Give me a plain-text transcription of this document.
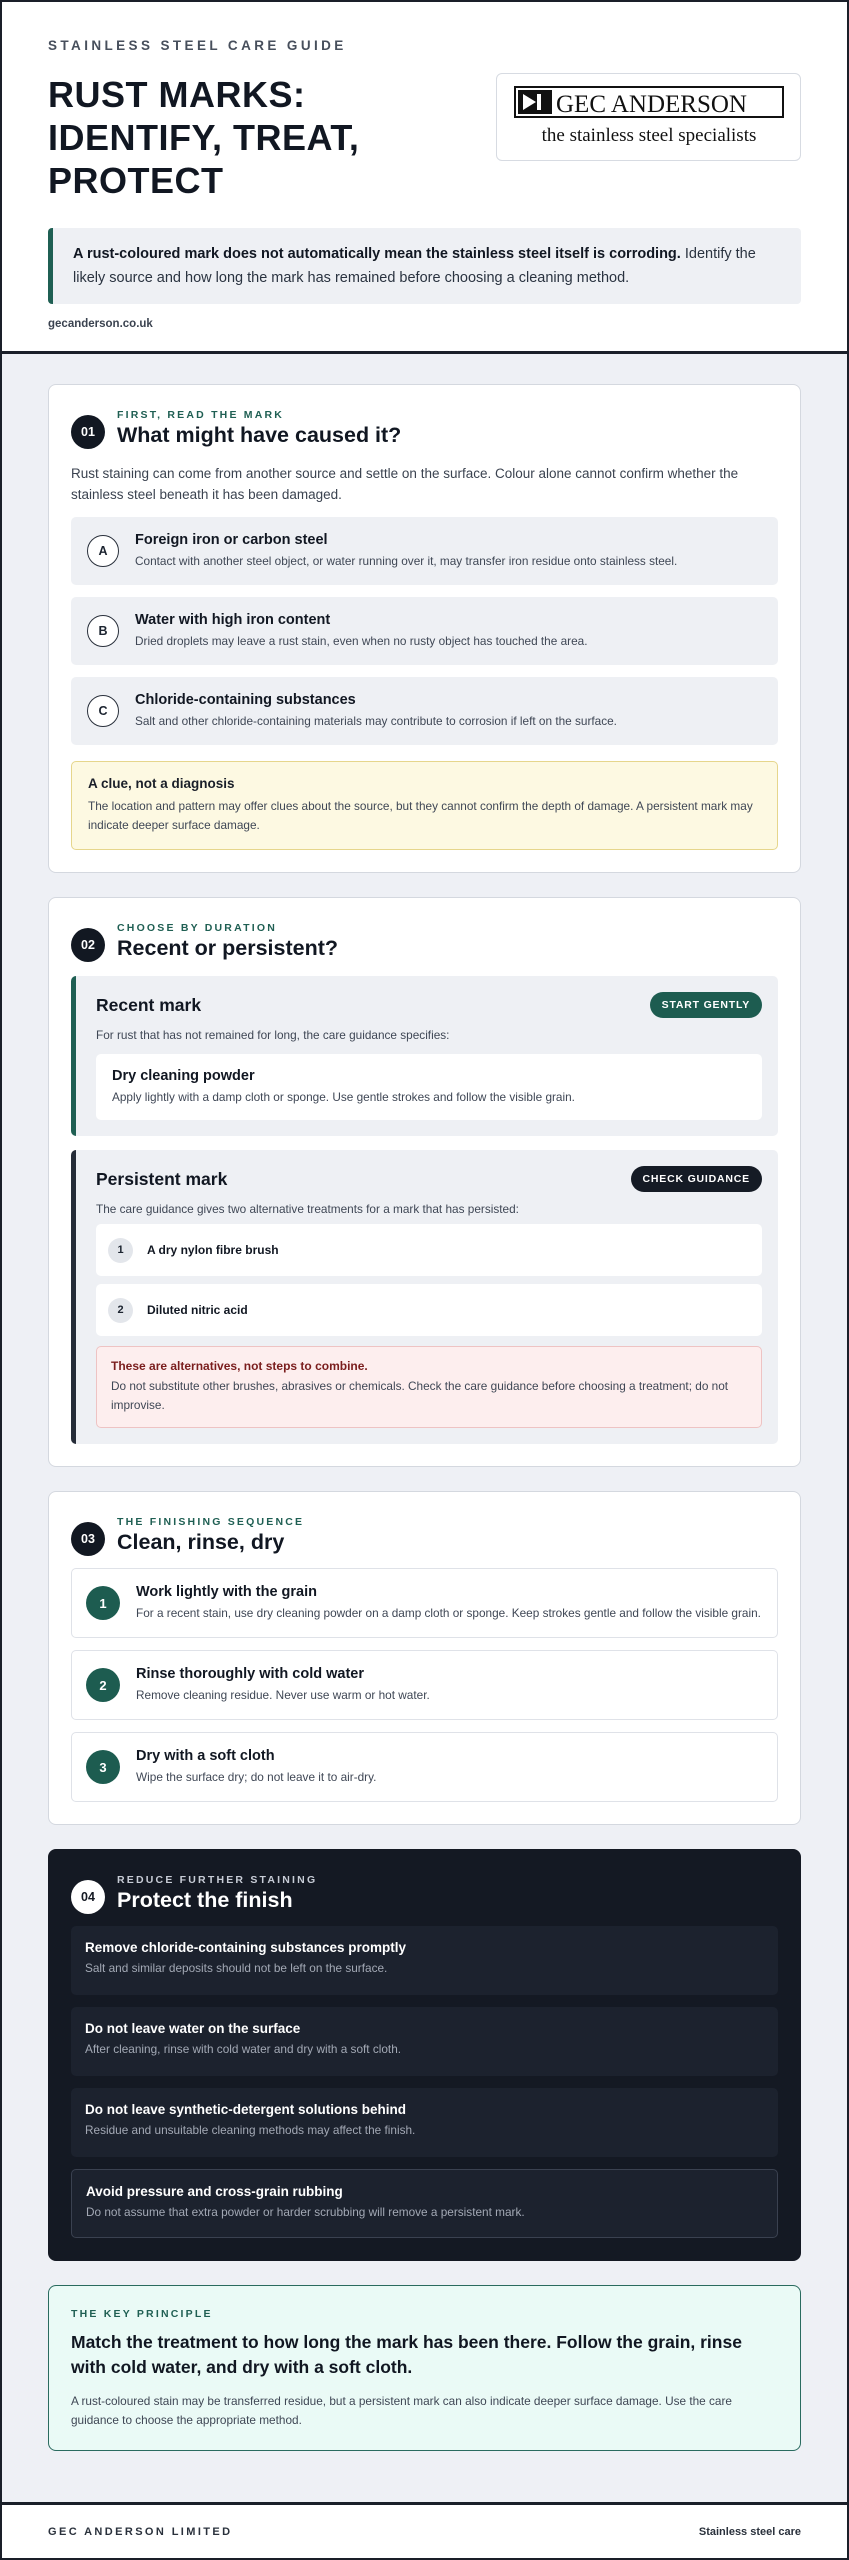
STAINLESS STEEL CARE GUIDE
RUST MARKS:
IDENTIFY, TREAT,
PROTECT
GEC ANDERSON
the stainless steel specialists
A rust-coloured mark does not automatically mean the stainless steel itself is corroding. Identify the likely source and how long the mark has remained before choosing a cleaning method.
gecanderson.co.uk
01
FIRST, READ THE MARK
What might have caused it?

Rust staining can come from another source and settle on the surface. Colour alone cannot confirm whether the stainless steel beneath it has been damaged.

A
Foreign iron or carbon steel
Contact with another steel object, or water running over it, may transfer iron residue onto stainless steel.
B
Water with high iron content
Dried droplets may leave a rust stain, even when no rusty object has touched the area.
C
Chloride-containing substances
Salt and other chloride-containing materials may contribute to corrosion if left on the surface.
A clue, not a diagnosis
The location and pattern may offer clues about the source, but they cannot confirm the depth of damage. A persistent mark may indicate deeper surface damage.
02
CHOOSE BY DURATION
Recent or persistent?
Recent mark	START GENTLY
For rust that has not remained for long, the care guidance specifies:
Dry cleaning powder
Apply lightly with a damp cloth or sponge. Use gentle strokes and follow the visible grain.
Persistent mark	CHECK GUIDANCE
The care guidance gives two alternative treatments for a mark that has persisted:
1	A dry nylon fibre brush
2	Diluted nitric acid
These are alternatives, not steps to combine.
Do not substitute other brushes, abrasives or chemicals. Check the care guidance before choosing a treatment; do not improvise.
03
THE FINISHING SEQUENCE
Clean, rinse, dry
1
Work lightly with the grain
For a recent stain, use dry cleaning powder on a damp cloth or sponge. Keep strokes gentle and follow the visible grain.
2
Rinse thoroughly with cold water
Remove cleaning residue. Never use warm or hot water.
3
Dry with a soft cloth
Wipe the surface dry; do not leave it to air-dry.
04
REDUCE FURTHER STAINING
Protect the finish
Remove chloride-containing substances promptly
Salt and similar deposits should not be left on the surface.
Do not leave water on the surface
After cleaning, rinse with cold water and dry with a soft cloth.
Do not leave synthetic-detergent solutions behind
Residue and unsuitable cleaning methods may affect the finish.
Avoid pressure and cross-grain rubbing
Do not assume that extra powder or harder scrubbing will remove a persistent mark.
THE KEY PRINCIPLE
Match the treatment to how long the mark has been there. Follow the grain, rinse with cold water, and dry with a soft cloth.
A rust-coloured stain may be transferred residue, but a persistent mark can also indicate deeper surface damage. Use the care guidance to choose the appropriate method.
GEC ANDERSON LIMITED	Stainless steel care
